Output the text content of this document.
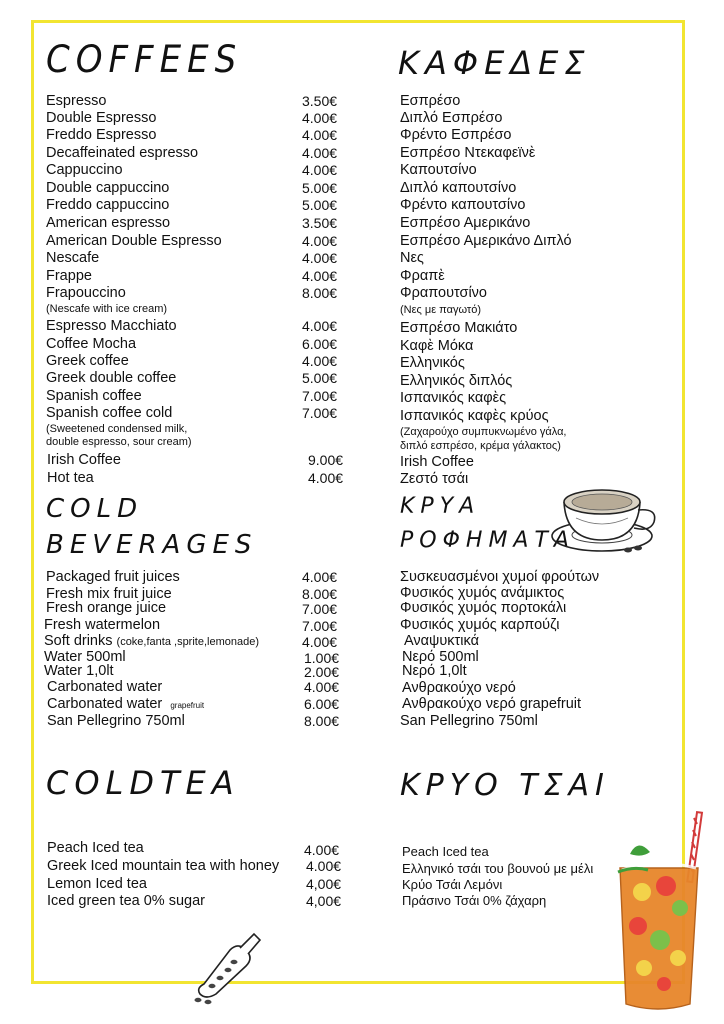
COFFEES	ΚΑΦΕΔΕΣ
Espresso
Double Espresso
Freddo Espresso
Decaffeinated espresso
Cappuccino
Double cappuccino
Freddo cappuccino
American espresso
American Double Espresso
Nescafe
Frappe
Frapouccino
(Nescafe with ice cream)
Espresso Macchiato
Coffee Mocha
Greek coffee
Greek double coffee
Spanish coffee
Spanish coffee cold
(Sweetened condensed milk,
double espresso, sour cream)
Irish Coffee
Hot tea
3.50€
4.00€
4.00€
4.00€
4.00€
5.00€
5.00€
3.50€
4.00€
4.00€
4.00€
8.00€
4.00€
6.00€
4.00€
5.00€
7.00€
7.00€
9.00€
4.00€
Εσπρέσο
Διπλό Εσπρέσο
Φρέντο Εσπρέσο
Εσπρέσο Ντεκαφεϊνὲ
Καπουτσίνο
Διπλό καπουτσίνο
Φρέντο καπουτσίνο
Εσπρέσο Αμερικάνο
Εσπρέσο Αμερικάνο Διπλό
Νες
Φραπὲ
Φραπουτσίνο
(Νες με παγωτό)
Εσπρέσο Μακιάτο
Καφὲ Μόκα
Ελληνικός
Ελληνικός διπλός
Ισπανικός καφὲς
Ισπανικός καφὲς κρύος
(Ζαχαρούχο συμπυκνωμένο γάλα,
διπλό εσπρέσο, κρέμα γάλακτος)
Irish Coffee
Ζεστό τσάι
COLD
BEVERAGES
ΚΡΥΑ
ΡΟΦΗΜΑΤΑ
Packaged fruit juices
Fresh mix fruit juice
Fresh orange juice
Fresh watermelon
Soft drinks (coke,fanta ,sprite,lemonade)
Water 500ml
Water 1,0lt
Carbonated water
Carbonated water grapefruit
San Pellegrino 750ml
4.00€
8.00€
7.00€
7.00€
4.00€
1.00€
2.00€
4.00€
6.00€
8.00€
Συσκευασμένοι χυμοί φρούτων
Φυσικός χυμός ανάμικτος
Φυσικός χυμός πορτοκάλι
Φυσικός χυμός καρπούζι
Αναψυκτικά
Νερό 500ml
Νερό 1,0lt
Ανθρακούχο νερό
Ανθρακούχο νερό grapefruit
San Pellegrino 750ml
COLDTEA	ΚΡΥΟ ΤΣΑΙ
Peach Iced tea
Greek Iced mountain tea with honey
Lemon Iced tea
Iced green tea 0% sugar
4.00€
4.00€
4,00€
4,00€
Peach Iced tea
Ελληνικό τσάι του βουνού με μέλι
Κρύο Τσάι Λεμόνι
Πράσινο Τσάι 0% ζάχαρη
